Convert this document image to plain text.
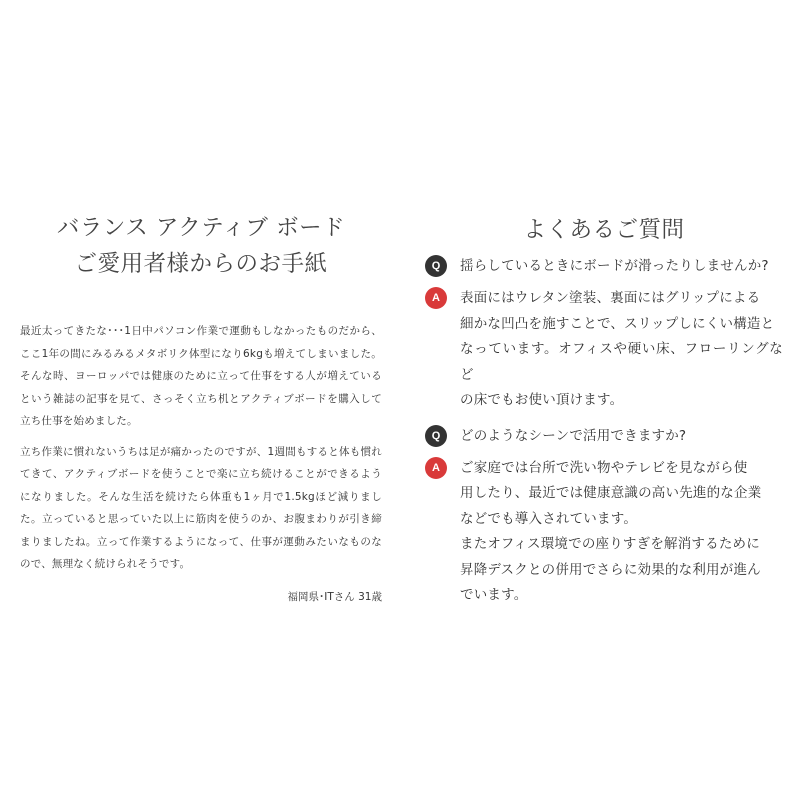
バランス アクティブ ボード
ご愛用者様からのお手紙

最近太ってきたな･･･1日中パソコン作業で運動もしなかったものだから、ここ1年の間にみるみるメタボリク体型になり6kgも増えてしまいました。そんな時、ヨーロッパでは健康のために立って仕事をする人が増えているという雑誌の記事を見て、さっそく立ち机とアクティブボードを購入して立ち仕事を始めました。

立ち作業に慣れないうちは足が痛かったのですが、1週間もすると体も慣れてきて、アクティブボードを使うことで楽に立ち続けることができるようになりました。そんな生活を続けたら体重も1ヶ月で1.5kgほど減りました。立っていると思っていた以上に筋肉を使うのか、お腹まわりが引き締まりましたね。立って作業するようになって、仕事が運動みたいなものなので、無理なく続けられそうです。

福岡県･ITさん 31歳
よくあるご質問
Q	揺らしているときにボードが滑ったりしませんか?
A	表面にはウレタン塗装、裏面にはグリップによる
細かな凹凸を施すことで、スリップしにくい構造と
なっています。オフィスや硬い床、フローリングなど
の床でもお使い頂けます。
Q	どのようなシーンで活用できますか?
A	ご家庭では台所で洗い物やテレビを見ながら使
用したり、最近では健康意識の高い先進的な企業
などでも導入されています。
またオフィス環境での座りすぎを解消するために
昇降デスクとの併用でさらに効果的な利用が進ん
でいます。
